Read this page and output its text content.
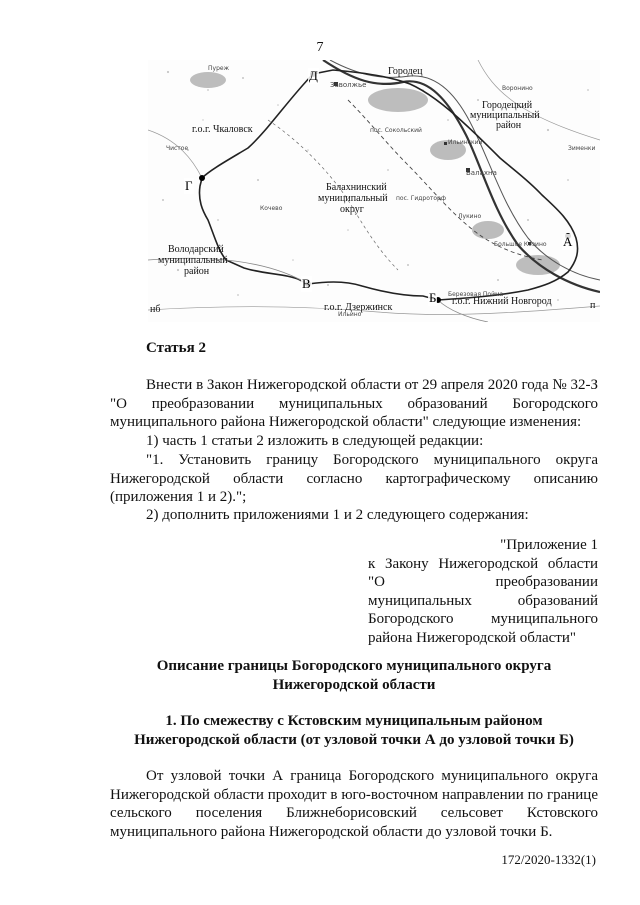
7
Пуреж	Городец
Заволжье
г.о.г. Чкаловск
Городецкий
муниципальный
район
Воронино
пос. Сокольский
Ильинский
Зименки
Чистое
Балахна
Балахнинский
муниципальный
округ
пос. Гидроторф
Кочево
Лукино
Володарский
муниципальный
район
Большое Козино
г.о.г. Дзержинск
Березовая Пойма
г.о.г. Нижний Новгород
Ильино
нб	п
А
Б
В
Г
Д
Статья 2
Внести в Закон Нижегородской области от 29 апреля 2020 года № 32-З "О преобразовании муниципальных образований Богородского муниципального района Нижегородской области" следующие изменения:
1) часть 1 статьи 2 изложить в следующей редакции:
"1. Установить границу Богородского муниципального округа Нижегородской области согласно картографическому описанию (приложения 1 и 2).";
2) дополнить приложениями 1 и 2 следующего содержания:
"Приложение 1
к Закону Нижегородской области
"О преобразовании
муниципальных образований
Богородского муниципального
района Нижегородской области"
Описание границы Богородского муниципального округа
Нижегородской области
1. По смежеству с Кстовским муниципальным районом
Нижегородской области (от узловой точки А до узловой точки Б)
От узловой точки А граница Богородского муниципального округа Нижегородской области проходит в юго-восточном направлении по границе сельского поселения Ближнеборисовский сельсовет Кстовского муниципального района Нижегородской области до узловой точки Б.
172/2020-1332(1)
